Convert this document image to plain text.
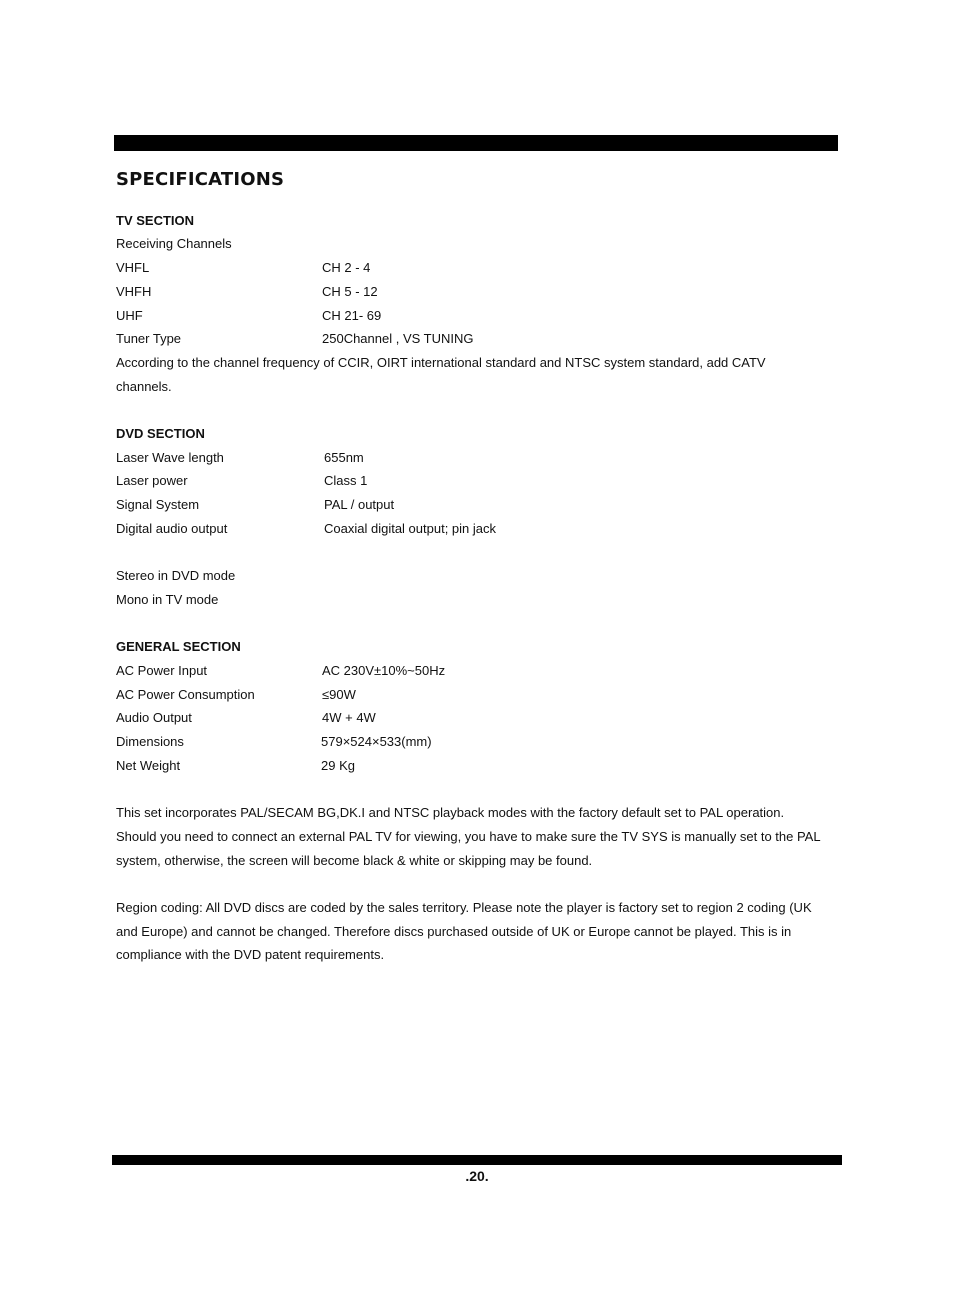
SPECIFICATIONS
TV SECTION
Receiving Channels
VHFL	CH 2 - 4
VHFH	CH 5 - 12
UHF	CH 21- 69
Tuner Type	250Channel , VS TUNING
According to the channel frequency of CCIR, OIRT international standard and NTSC system standard, add CATV
channels.
DVD SECTION
Laser Wave length	655nm
Laser power	Class 1
Signal System	PAL / output
Digital audio output	Coaxial digital output; pin jack
Stereo in DVD mode
Mono in TV mode
GENERAL SECTION
AC Power Input	AC 230V±10%~50Hz
AC Power Consumption	≤90W
Audio Output	4W + 4W
Dimensions	579×524×533(mm)
Net Weight	29 Kg
This set incorporates PAL/SECAM BG,DK.I and NTSC playback modes with the factory default set to PAL operation.
Should you need to connect an external PAL TV for viewing, you have to make sure the TV SYS is manually set to the PAL
system, otherwise, the screen will become black & white or skipping may be found.
Region coding: All DVD discs are coded by the sales territory. Please note the player is factory set to region 2 coding (UK
and Europe) and cannot be changed. Therefore discs purchased outside of UK or Europe cannot be played. This is in
compliance with the DVD patent requirements.
.20.
